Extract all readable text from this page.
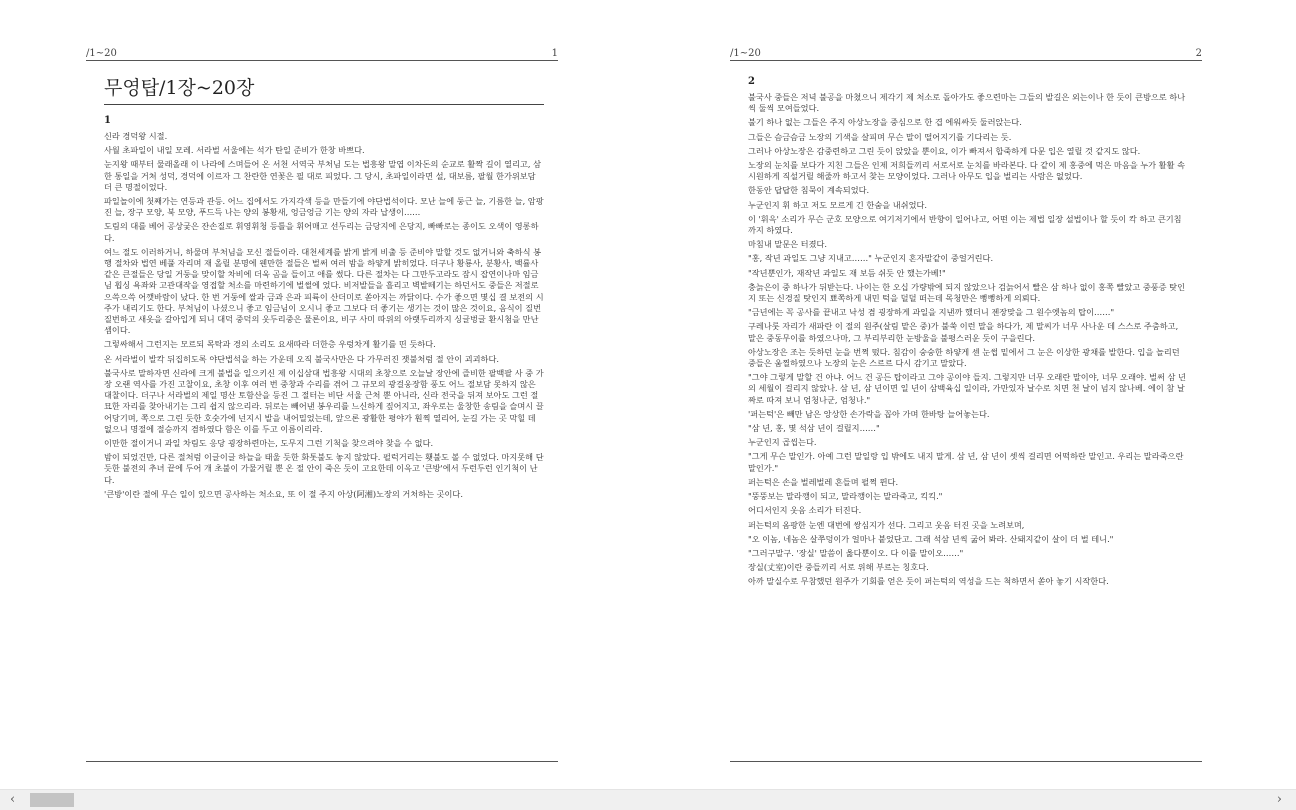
/1~20	1
무영탑/1장~20장
1

신라 경덕왕 시절.

사월 초파일이 내일 모레. 서라벌 서울에는 석가 탄일 준비가 한창 바쁘다.

눈지왕 때부터 물래올래 이 나라에 스며들어 온 서천 서역국 부처님 도는 법흥왕 말엽 이차돈의 순교로 활짝 길이 열리고, 삼한 통일을 거쳐 성덕, 경덕에 이르자 그 찬란한 연꽃은 필 대로 피었다. 그 당시, 초파일이라면 설, 대보름, 팔월 한가위보담 더 큰 명절이었다.

파일놀이에 첫째가는 연등과 관등. 어느 집에서도 가지각색 등을 만들기에 야단법석이다. 모난 늘에 둥근 늘, 기름한 늘, 암팡진 늘, 장구 모양, 북 모양, 푸드득 나는 양의 봉황새, 엉금엉금 기는 양의 자라 납생이……

도림의 대를 베어 공상궂은 잔손질로 휘영휘청 등틀을 휘어매고 선두리는 금당지에 은당지, 빠빠로는 종이도 오색이 영롱하다.

여느 절도 이러하거니, 하물며 부처님을 모신 절들이라. 대천세계를 밝게 밝게 비출 등 준비야 말할 것도 없거니와 축하식 봉행 절차와 법연 베풀 자리며 재 올릴 분명에 웬만한 절들은 벌써 여러 밤을 하얗게 밝히었다. 더구나 황룡사, 분황사, 백률사 같은 큰절들은 당일 거둥을 맞이할 차비에 더욱 곰을 들이고 애를 썼다. 다른 절차는 다 그만두고라도 잠시 잡연이나마 임금님 휩싱 욕좌와 고관대작을 영접할 처소를 마련하기에 벌썰에 었다. 비저발들을 흘리고 벽밭떼기는 하던서도 중들은 저절로 으쓱으쓱 어깻바람이 났다. 한 번 거둥에 쌀과 금과 은과 피륙이 산더미로 쏟아지는 까닭이다. 수가 좋으면 몇십 결 보전의 시주가 내리기도 한다. 부처님이 나셨으니 좋고 임금님이 오시니 좋고 그보다 더 좋기는 생기는 것이 많은 것이요, 음식이 질번질번하고 새옷을 갈아입게 되니 대덕 중덕의 웃두리중은 물론이요, 비구 사미 따위의 아랫두리까지 싱글벙글 환시첨을 만난 셈이다.

그렇싸해서 그런지는 모르되 목탁과 경의 소리도 요새따라 더한층 우렁차게 활기를 띤 듯하다.

온 서라벌이 발칵 뒤집히도록 야단법석을 하는 가운데 오직 불국사만은 다 가무러진 잿불처럼 절 안이 괴괴하다.

불국사로 말하자면 신라에 크게 불법을 일으키신 제 이십삼대 법흥왕 시대의 초창으로 오늘날 장안에 즐비한 팔백팔 사 중 가장 오랜 역사를 가진 고찰이요, 초창 이후 여러 번 중창과 수리를 겪어 그 규모의 광걸웅장함 풍도 어느 절보담 못하지 않은 대찰이다. 더구나 서라벌의 제일 명산 토함산을 등진 그 절터는 비단 서울 근처 뿐 아니라, 신라 전국을 뒤져 보아도 그런 절묘한 자리를 찾아내기는 그리 쉽지 않으리라. 뒤로는 빼어낸 봉우리를 느신하게 짚어지고, 좌우로는 울창한 송림을 슬며시 끌어당기며, 쪽으로 그린 듯한 호숫가에 넌지시 발을 내어밀었는데, 앞으론 광활한 평야가 훤찍 열리어, 눈길 가는 곳 막힐 데 없으니 명절에 절승까지 겸하였다 함은 이를 두고 이름이리라.

이만한 절이거니 과일 차림도 응당 굉장하련마는, 도무지 그런 기척을 찾으려야 찾을 수 없다.

밤이 되었건만, 다른 절처럼 이글이글 하늘을 태울 듯한 화톳불도 놓지 않았다. 펄럭거리는 횃불도 볼 수 없었다. 마지못해 단 듯한 불전의 추녀 끝에 두어 개 초불이 가물거릴 뿐 온 절 안이 죽은 듯이 고요한데 이윽고 '큰방'에서 두런두런 인기척이 난다.

'큰방'이란 절에 무슨 일이 있으면 공사하는 처소요, 또 이 절 주지 아상(阿湘)노장의 거처하는 곳이다.

/1~20	2
2

불국사 중들은 저녁 불공을 마쳤으니 제각기 제 처소로 돌아가도 좋으련마는 그들의 발길은 외는이나 한 듯이 큰방으로 하나씩 둘씩 모여들었다.

불기 하나 없는 그들은 주지 아상노장을 중심으로 한 겹 에워싸듯 둘러앉는다.

그들은 슴금슴금 노장의 기색을 살피며 무슨 말이 떨어지기를 기다리는 듯.

그러나 아상노장은 감중련하고 그린 듯이 앉았을 뿐이요, 이가 빠져서 합죽하게 다문 입은 열릴 것 같지도 않다.

노장의 눈치를 보다가 지친 그들은 인제 저희들끼리 서로서로 눈치를 바라본다. 다 같이 제 홍중에 먹은 마음을 누가 활활 속시원하게 직설거릴 해줄까 하고서 찾는 모양이었다. 그러나 아무도 입을 벌리는 사람은 없었다.

한동안 답답한 침묵이 계속되었다.

누군인지 휘 하고 저도 모르게 긴 한숨을 내쉬었다.

이 '휘윽' 소리가 무슨 군호 모양으로 여기저기에서 반향이 일어나고, 어떤 이는 제법 일장 설법이나 할 듯이 칵 하고 큰기침까지 하였다.

마침내 말문은 터졌다.

"홍, 작년 과일도 그냥 지내고……" 누군인지 혼자말같이 중얼거린다.

"작년뿐인가, 재작년 과일도 재 보듬 쉬듯 안 했는가베!"

충늙은이 중 하나가 뒤받는다. 나이는 한 오십 가량밖에 되지 않았으나 검늙어서 빨은 삼 하나 없이 홍쪽 빨았고 중풍증 탓인지 또는 신경질 탓인지 뾰쪽하게 내민 턱을 덜덜 떠는데 목청만은 뻥뻥하게 의뢰다.

"금년에는 꼭 공사를 끝내고 낙성 겸 굉장하게 과일을 지낸까 했더니 젠장맞을 그 원수엣놈의 탑이……"

구레나룻 자리가 새파란 이 절의 원주(살림 맡은 중)가 불쑥 이런 말을 하다가, 제 말씨가 너무 사나운 데 스스로 주춤하고, 말은 중동무이를 하였으나마, 그 부리부리한 눈방울을 불평스러운 듯이 구을린다.

아상노장은 조는 듯하던 눈을 번쩍 떴다. 침감이 숭숭한 하얗게 센 눈썹 밑에서 그 눈은 이상한 광채를 발한다. 입을 놀리던 중들은 움찔하였으나 노장의 눈은 스르르 다시 감기고 말았다.

"그야 그렇게 말할 건 아냐. 어느 건 공든 탑이라고 그야 공이야 들지. 그렇지만 너무 오래란 말이야, 너무 오래야. 벌써 삼 년의 세월이 걸리지 않았나. 삼 년, 삼 년이면 일 년이 삼백육십 일이라, 가만있자 날수로 치면 천 날이 넘지 않나베. 에이 참 날짜로 따져 보니 엄청나군, 엄청나."

'퍼는턱'은 빼만 남은 앙상한 손가락을 꼽아 가며 한바탕 늘어놓는다.

"삼 년, 홍, 몇 석삼 년이 걸릴지……"

누군인지 곱씹는다.

"그게 무슨 말인가. 아예 그런 말일랑 입 밖에도 내지 말게. 삼 년, 삼 년이 셋씩 걸리면 어떡하란 말인고. 우리는 말라죽으란 말인가."

퍼는턱은 손을 벌레벌레 흔들며 펄쩍 뛴다.

"뚱뚱보는 말라깽이 되고, 말라깽이는 말라죽고, 킥킥."

어디서인지 웃음 소리가 터진다.

퍼는턱의 옴팡한 눈엔 대번에 쌍심지가 선다. 그리고 웃음 터진 곳을 노려보며,

"오 이놈, 네놈은 살쭈덩이가 얼마나 붙었단고. 그래 석삼 년씩 굶어 봐라. 산돼지같이 살이 더 벌 테니."

"그러구말구. '장실' 말씀이 옳다뿐이오. 다 이를 말이오……"

장실(丈室)이란 중들끼리 서로 위해 부르는 칭호다.

아까 말실수로 무참했던 원주가 기회를 얻은 듯이 퍼는턱의 역성을 드는 척하면서 쏟아 놓기 시작한다.

‹	›
